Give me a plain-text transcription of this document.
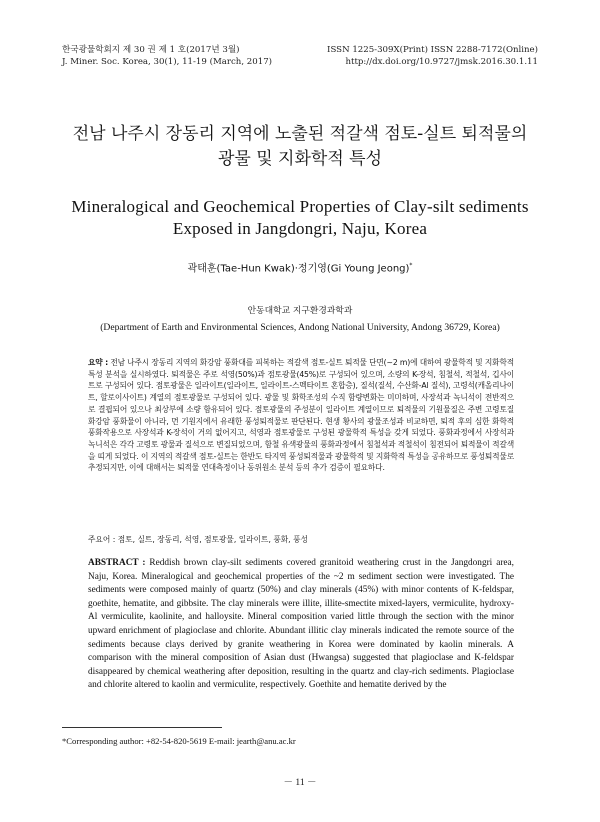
한국광물학회지 제 30 권 제 1 호(2017년 3월)
J. Miner. Soc. Korea, 30(1), 11-19 (March, 2017)
ISSN 1225-309X(Print) ISSN 2288-7172(Online)
http://dx.doi.org/10.9727/jmsk.2016.30.1.11
전남 나주시 장동리 지역에 노출된 적갈색 점토-실트 퇴적물의
광물 및 지화학적 특성
Mineralogical and Geochemical Properties of Clay-silt sediments
Exposed in Jangdongri, Naju, Korea
곽태훈(Tae-Hun Kwak)·정기영(Gi Young Jeong)*
안동대학교 지구환경과학과
(Department of Earth and Environmental Sciences, Andong National University, Andong 36729, Korea)
요약 : 전남 나주시 장동리 지역의 화강암 풍화대를 피복하는 적갈색 점토-실트 퇴적물 단면(~2 m)에 대하여 광물학적 및 지화학적 특성 분석을 실시하였다. 퇴적물은 주로 석영(50%)과 점토광물(45%)로 구성되어 있으며, 소량의 K-장석, 침철석, 적철석, 깁사이트로 구성되어 있다. 점토광물은 일라이트(일라이트, 일라이트-스멕타이트 혼합층), 질석(질석, 수산화-Al 질석), 고령석(캐올리나이트, 할로이사이트) 계열의 점토광물로 구성되어 있다. 광물 및 화학조성의 수직 함량변화는 미미하며, 사장석과 녹니석이 전반적으로 결핍되어 있으나 최상부에 소량 함유되어 있다. 점토광물의 주성분이 일라이트 계열이므로 퇴적물의 기원물질은 주변 고령토질 화강암 풍화물이 아니라, 먼 기원지에서 유래한 풍성퇴적물로 판단된다. 현생 황사의 광물조성과 비교하면, 퇴적 후의 심한 화학적 풍화작용으로 사장석과 K-장석이 거의 없어지고, 석영과 점토광물로 구성된 광물학적 특성을 갖게 되었다. 풍화과정에서 사장석과 녹니석은 각각 고령토 광물과 질석으로 변질되었으며, 함철 유색광물의 풍화과정에서 침철석과 적철석이 침전되어 퇴적물이 적갈색을 띠게 되었다. 이 지역의 적갈색 점토-실트는 한반도 타지역 풍성퇴적물과 광물학적 및 지화학적 특성을 공유하므로 풍성퇴적물로 추정되지만, 이에 대해서는 퇴적물 연대측정이나 동위원소 분석 등의 추가 검증이 필요하다.
주요어 : 점토, 실트, 장동리, 석영, 점토광물, 일라이트, 풍화, 풍성
ABSTRACT : Reddish brown clay-silt sediments covered granitoid weathering crust in the Jangdongri area, Naju, Korea. Mineralogical and geochemical properties of the ~2 m sediment section were investigated. The sediments were composed mainly of quartz (50%) and clay minerals (45%) with minor contents of K-feldspar, goethite, hematite, and gibbsite. The clay minerals were illite, illite-smectite mixed-layers, vermiculite, hydroxy-Al vermiculite, kaolinite, and halloysite. Mineral composition varied little through the section with the minor upward enrichment of plagioclase and chlorite. Abundant illitic clay minerals indicated the remote source of the sediments because clays derived by granite weathering in Korea were dominated by kaolin minerals. A comparison with the mineral composition of Asian dust (Hwangsa) suggested that plagioclase and K-feldspar disappeared by chemical weathering after deposition, resulting in the quartz and clay-rich sediments. Plagioclase and chlorite altered to kaolin and vermiculite, respectively. Goethite and hematite derived by the
*Corresponding author: +82-54-820-5619 E-mail: jearth@anu.ac.kr
－ 11 －
